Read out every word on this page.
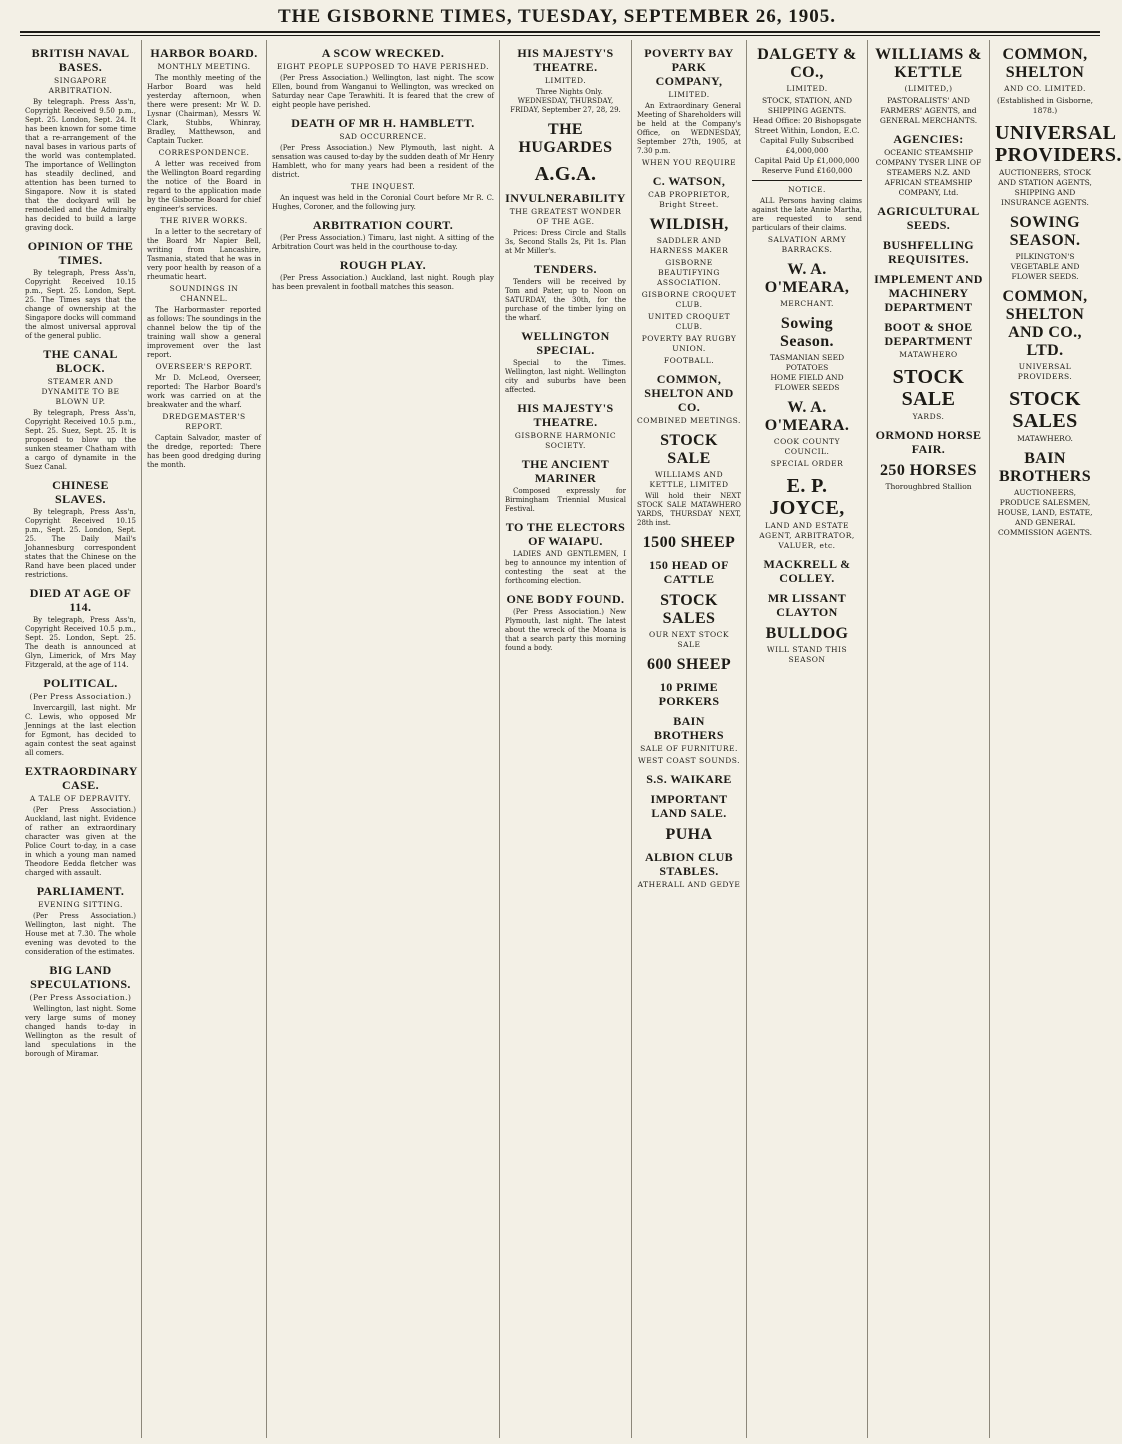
THE GISBORNE TIMES, TUESDAY, SEPTEMBER 26, 1905.
BRITISH NAVAL BASES.
SINGAPORE ARBITRATION.

By telegraph. Press Ass'n, Copyright Received 9.50 p.m., Sept. 25. London, Sept. 24. It has been known for some time that a re-arrangement of the naval bases in various parts of the world was contemplated. The importance of Wellington has steadily declined, and attention has been turned to Singapore. Now it is stated that the dockyard will be remodelled and the Admiralty has decided to build a large graving dock.

OPINION OF THE TIMES.

By telegraph, Press Ass'n, Copyright Received 10.15 p.m., Sept. 25. London, Sept. 25. The Times says that the change of ownership at the Singapore docks will command the almost universal approval of the general public.

THE CANAL BLOCK.
STEAMER AND DYNAMITE TO BE BLOWN UP.

By telegraph, Press Ass'n, Copyright Received 10.5 p.m., Sept. 25. Suez, Sept. 25. It is proposed to blow up the sunken steamer Chatham with a cargo of dynamite in the Suez Canal.

CHINESE SLAVES.

By telegraph, Press Ass'n, Copyright Received 10.15 p.m., Sept. 25. London, Sept. 25. The Daily Mail's Johannesburg correspondent states that the Chinese on the Rand have been placed under restrictions.

DIED AT AGE OF 114.

By telegraph, Press Ass'n, Copyright Received 10.5 p.m., Sept. 25. London, Sept. 25. The death is announced at Glyn, Limerick, of Mrs May Fitzgerald, at the age of 114.

POLITICAL.
(Per Press Association.)

Invercargill, last night. Mr C. Lewis, who opposed Mr Jennings at the last election for Egmont, has decided to again contest the seat against all comers.

EXTRAORDINARY CASE.
A TALE OF DEPRAVITY.

(Per Press Association.) Auckland, last night. Evidence of rather an extraordinary character was given at the Police Court to-day, in a case in which a young man named Theodore Eedda fletcher was charged with assault.

PARLIAMENT.
EVENING SITTING.

(Per Press Association.) Wellington, last night. The House met at 7.30. The whole evening was devoted to the consideration of the estimates.

BIG LAND SPECULATIONS.
(Per Press Association.)

Wellington, last night. Some very large sums of money changed hands to-day in Wellington as the result of land speculations in the borough of Miramar.

HARBOR BOARD.
MONTHLY MEETING.

The monthly meeting of the Harbor Board was held yesterday afternoon, when there were present: Mr W. D. Lysnar (Chairman), Messrs W. Clark, Stubbs, Whinray, Bradley, Matthewson, and Captain Tucker.

CORRESPONDENCE.

A letter was received from the Wellington Board regarding the notice of the Board in regard to the application made by the Gisborne Board for chief engineer's services.

THE RIVER WORKS.

In a letter to the secretary of the Board Mr Napier Bell, writing from Lancashire, Tasmania, stated that he was in very poor health by reason of a rheumatic heart.

SOUNDINGS IN CHANNEL.

The Harbormaster reported as follows: The soundings in the channel below the tip of the training wall show a general improvement over the last report.

OVERSEER'S REPORT.

Mr D. McLeod, Overseer, reported: The Harbor Board's work was carried on at the breakwater and the wharf.

DREDGEMASTER'S REPORT.

Captain Salvador, master of the dredge, reported: There has been good dredging during the month.

A SCOW WRECKED.
EIGHT PEOPLE SUPPOSED TO HAVE PERISHED.

(Per Press Association.) Wellington, last night. The scow Ellen, bound from Wanganui to Wellington, was wrecked on Saturday near Cape Terawhiti. It is feared that the crew of eight people have perished.

DEATH OF MR H. HAMBLETT.
SAD OCCURRENCE.

(Per Press Association.) New Plymouth, last night. A sensation was caused to-day by the sudden death of Mr Henry Hamblett, who for many years had been a resident of the district.

THE INQUEST.

An inquest was held in the Coronial Court before Mr R. C. Hughes, Coroner, and the following jury.

ARBITRATION COURT.

(Per Press Association.) Timaru, last night. A sitting of the Arbitration Court was held in the courthouse to-day.

ROUGH PLAY.

(Per Press Association.) Auckland, last night. Rough play has been prevalent in football matches this season.

HIS MAJESTY'S THEATRE.
LIMITED.

Three Nights Only. WEDNESDAY, THURSDAY, FRIDAY, September 27, 28, 29.

THE HUGARDES
A.G.A.
INVULNERABILITY
THE GREATEST WONDER OF THE AGE.

Prices: Dress Circle and Stalls 3s, Second Stalls 2s, Pit 1s. Plan at Mr Miller's.

TENDERS.

Tenders will be received by Tom and Pater, up to Noon on SATURDAY, the 30th, for the purchase of the timber lying on the wharf.

WELLINGTON SPECIAL.

Special to the Times. Wellington, last night. Wellington city and suburbs have been affected.

HIS MAJESTY'S THEATRE.
GISBORNE HARMONIC SOCIETY.
THE ANCIENT MARINER

Composed expressly for Birmingham Triennial Musical Festival.

TO THE ELECTORS OF WAIAPU.

LADIES AND GENTLEMEN, I beg to announce my intention of contesting the seat at the forthcoming election.

ONE BODY FOUND.

(Per Press Association.) New Plymouth, last night. The latest about the wreck of the Moana is that a search party this morning found a body.

POVERTY BAY PARK COMPANY,
LIMITED.

An Extraordinary General Meeting of Shareholders will be held at the Company's Office, on WEDNESDAY, September 27th, 1905, at 7.30 p.m.

WHEN YOU REQUIRE
C. WATSON,
CAB PROPRIETOR, Bright Street.
WILDISH,
SADDLER AND HARNESS MAKER
GISBORNE BEAUTIFYING ASSOCIATION.
GISBORNE CROQUET CLUB.
UNITED CROQUET CLUB.
POVERTY BAY RUGBY UNION.
FOOTBALL.
COMMON, SHELTON AND CO.
COMBINED MEETINGS.
STOCK SALE
WILLIAMS AND KETTLE, LIMITED

Will hold their NEXT STOCK SALE MATAWHERO YARDS, THURSDAY NEXT, 28th inst.

1500 SHEEP
150 HEAD OF CATTLE
STOCK SALES
OUR NEXT STOCK SALE
600 SHEEP
10 PRIME PORKERS
BAIN BROTHERS
SALE OF FURNITURE.
WEST COAST SOUNDS.
S.S. WAIKARE
IMPORTANT LAND SALE.
PUHA
ALBION CLUB STABLES.
ATHERALL AND GEDYE
DALGETY & CO.,
LIMITED.
STOCK, STATION, AND SHIPPING AGENTS.
Head Office: 20 Bishopsgate Street Within, London, E.C.
Capital Fully Subscribed £4,000,000
Capital Paid Up £1,000,000
Reserve Fund £160,000
NOTICE.

ALL Persons having claims against the late Annie Martha, are requested to send particulars of their claims.

SALVATION ARMY BARRACKS.
W. A. O'MEARA,
MERCHANT.
Sowing Season.
TASMANIAN SEED POTATOES
HOME FIELD AND FLOWER SEEDS
W. A. O'MEARA.
COOK COUNTY COUNCIL.
SPECIAL ORDER
E. P. JOYCE,
LAND AND ESTATE AGENT, ARBITRATOR, VALUER, etc.
MACKRELL & COLLEY.
MR LISSANT CLAYTON
BULLDOG
WILL STAND THIS SEASON
WILLIAMS & KETTLE
(LIMITED,)
PASTORALISTS' AND FARMERS' AGENTS, and GENERAL MERCHANTS.
AGENCIES:
OCEANIC STEAMSHIP COMPANY TYSER LINE OF STEAMERS N.Z. AND AFRICAN STEAMSHIP COMPANY, Ltd.
AGRICULTURAL SEEDS.
BUSHFELLING REQUISITES.
IMPLEMENT AND MACHINERY DEPARTMENT
BOOT & SHOE DEPARTMENT
MATAWHERO
STOCK SALE
YARDS.
ORMOND HORSE FAIR.
250 HORSES
Thoroughbred Stallion
COMMON, SHELTON
AND CO. LIMITED.
(Established in Gisborne, 1878.)
UNIVERSAL PROVIDERS.
AUCTIONEERS, STOCK AND STATION AGENTS, SHIPPING AND INSURANCE AGENTS.
SOWING SEASON.
PILKINGTON'S VEGETABLE AND FLOWER SEEDS.
COMMON, SHELTON AND CO., LTD.
UNIVERSAL PROVIDERS.
STOCK SALES
MATAWHERO.
BAIN BROTHERS
AUCTIONEERS, PRODUCE SALESMEN, HOUSE, LAND, ESTATE, AND GENERAL COMMISSION AGENTS.
